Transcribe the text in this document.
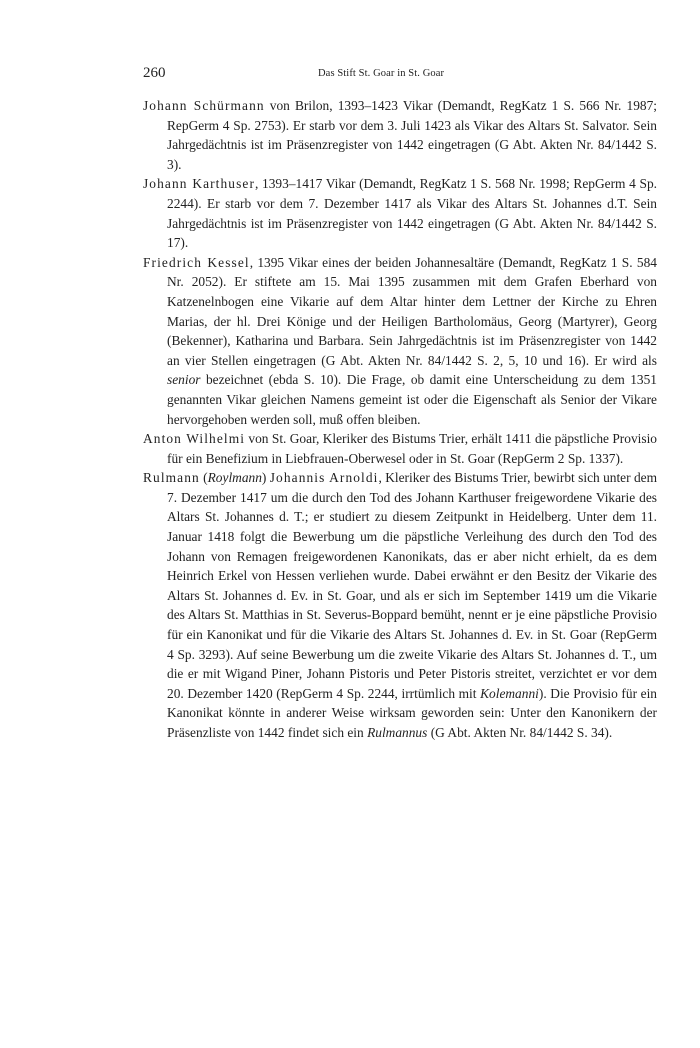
260	Das Stift St. Goar in St. Goar

Johann Schürmann von Brilon, 1393–1423 Vikar (Demandt, RegKatz 1 S. 566 Nr. 1987; RepGerm 4 Sp. 2753). Er starb vor dem 3. Juli 1423 als Vikar des Altars St. Salvator. Sein Jahrgedächtnis ist im Präsenzregister von 1442 eingetragen (G Abt. Akten Nr. 84/1442 S. 3).

Johann Karthuser, 1393–1417 Vikar (Demandt, RegKatz 1 S. 568 Nr. 1998; RepGerm 4 Sp. 2244). Er starb vor dem 7. Dezember 1417 als Vikar des Altars St. Johannes d.T. Sein Jahrgedächtnis ist im Präsenzregister von 1442 eingetragen (G Abt. Akten Nr. 84/1442 S. 17).

Friedrich Kessel, 1395 Vikar eines der beiden Johannesaltäre (Demandt, RegKatz 1 S. 584 Nr. 2052). Er stiftete am 15. Mai 1395 zusammen mit dem Grafen Eberhard von Katzenelnbogen eine Vikarie auf dem Altar hinter dem Lettner der Kirche zu Ehren Marias, der hl. Drei Könige und der Heiligen Bartholomäus, Georg (Martyrer), Georg (Bekenner), Katharina und Barbara. Sein Jahrgedächtnis ist im Präsenzregister von 1442 an vier Stellen eingetragen (G Abt. Akten Nr. 84/1442 S. 2, 5, 10 und 16). Er wird als senior bezeichnet (ebda S. 10). Die Frage, ob damit eine Unterscheidung zu dem 1351 genannten Vikar gleichen Namens gemeint ist oder die Eigenschaft als Senior der Vikare hervorgehoben werden soll, muß offen bleiben.

Anton Wilhelmi von St. Goar, Kleriker des Bistums Trier, erhält 1411 die päpstliche Provisio für ein Benefizium in Liebfrauen-Oberwesel oder in St. Goar (RepGerm 2 Sp. 1337).

Rulmann (Roylmann) Johannis Arnoldi, Kleriker des Bistums Trier, bewirbt sich unter dem 7. Dezember 1417 um die durch den Tod des Johann Karthuser freigewordene Vikarie des Altars St. Johannes d. T.; er studiert zu diesem Zeitpunkt in Heidelberg. Unter dem 11. Januar 1418 folgt die Bewerbung um die päpstliche Verleihung des durch den Tod des Johann von Remagen freigewordenen Kanonikats, das er aber nicht erhielt, da es dem Heinrich Erkel von Hessen verliehen wurde. Dabei erwähnt er den Besitz der Vikarie des Altars St. Johannes d. Ev. in St. Goar, und als er sich im September 1419 um die Vikarie des Altars St. Matthias in St. Severus-Boppard bemüht, nennt er je eine päpstliche Provisio für ein Kanonikat und für die Vikarie des Altars St. Johannes d. Ev. in St. Goar (RepGerm 4 Sp. 3293). Auf seine Bewerbung um die zweite Vikarie des Altars St. Johannes d. T., um die er mit Wigand Piner, Johann Pistoris und Peter Pistoris streitet, verzichtet er vor dem 20. Dezember 1420 (RepGerm 4 Sp. 2244, irrtümlich mit Kolemanni). Die Provisio für ein Kanonikat könnte in anderer Weise wirksam geworden sein: Unter den Kanonikern der Präsenzliste von 1442 findet sich ein Rulmannus (G Abt. Akten Nr. 84/1442 S. 34).
